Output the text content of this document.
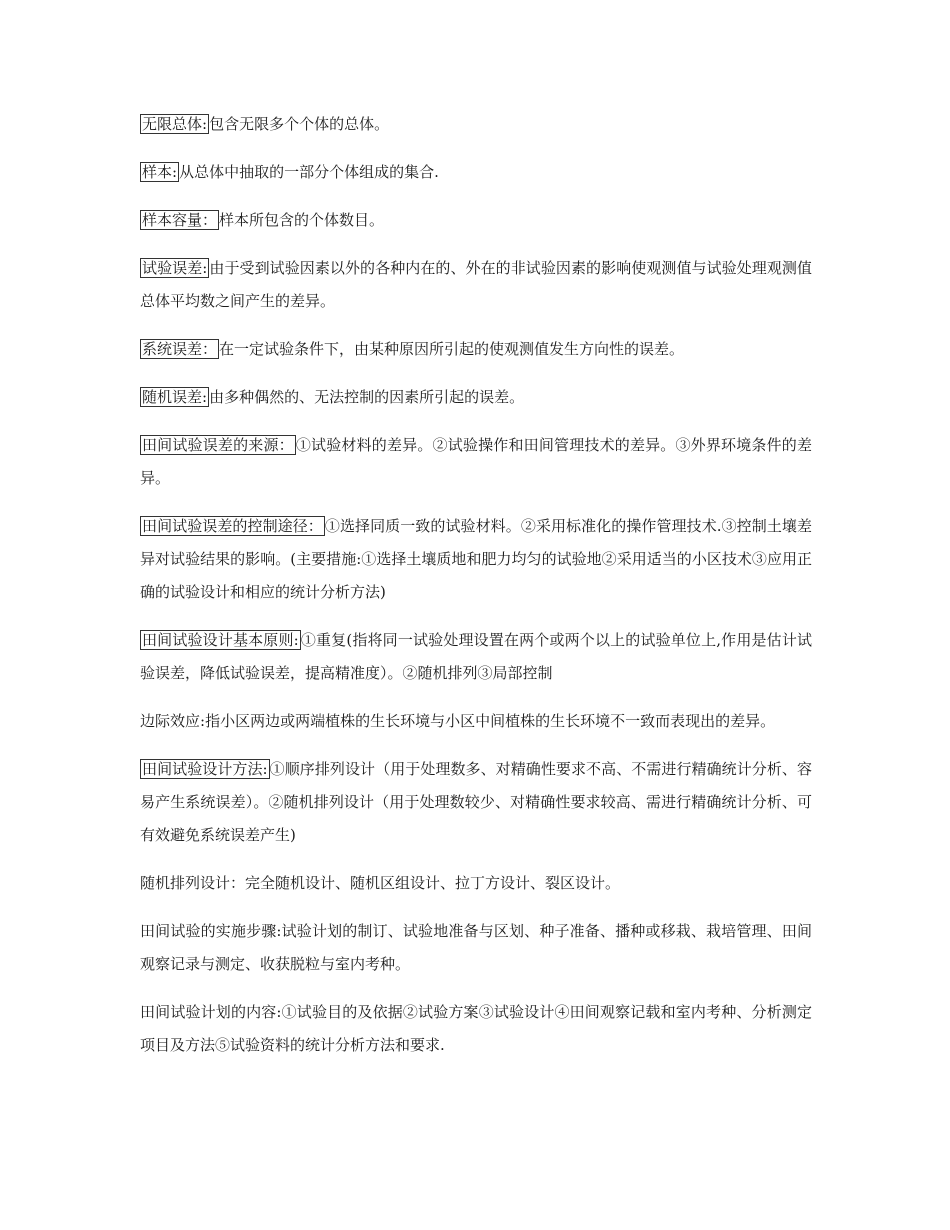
无限总体: 包含无限多个个体的总体。

样本: 从总体中抽取的一部分个体组成的集合.

样本容量： 样本所包含的个体数目。

试验误差: 由于受到试验因素以外的各种内在的、外在的非试验因素的影响使观测值与试验处理观测值总体平均数之间产生的差异。

系统误差： 在一定试验条件下，由某种原因所引起的使观测值发生方向性的误差。

随机误差: 由多种偶然的、无法控制的因素所引起的误差。

田间试验误差的来源： ①试验材料的差异。②试验操作和田间管理技术的差异。③外界环境条件的差异。

田间试验误差的控制途径： ①选择同质一致的试验材料。②采用标准化的操作管理技术.③控制土壤差异对试验结果的影响。(主要措施:①选择土壤质地和肥力均匀的试验地②采用适当的小区技术③应用正确的试验设计和相应的统计分析方法)

田间试验设计基本原则: ①重复(指将同一试验处理设置在两个或两个以上的试验单位上,作用是估计试验误差，降低试验误差，提高精准度）。②随机排列③局部控制

边际效应:指小区两边或两端植株的生长环境与小区中间植株的生长环境不一致而表现出的差异。

田间试验设计方法: ①顺序排列设计（用于处理数多、对精确性要求不高、不需进行精确统计分析、容易产生系统误差）。②随机排列设计（用于处理数较少、对精确性要求较高、需进行精确统计分析、可有效避免系统误差产生)

随机排列设计：完全随机设计、随机区组设计、拉丁方设计、裂区设计。

田间试验的实施步骤:试验计划的制订、试验地准备与区划、种子准备、播种或移栽、栽培管理、田间观察记录与测定、收获脱粒与室内考种。

田间试验计划的内容:①试验目的及依据②试验方案③试验设计④田间观察记载和室内考种、分析测定项目及方法⑤试验资料的统计分析方法和要求.
